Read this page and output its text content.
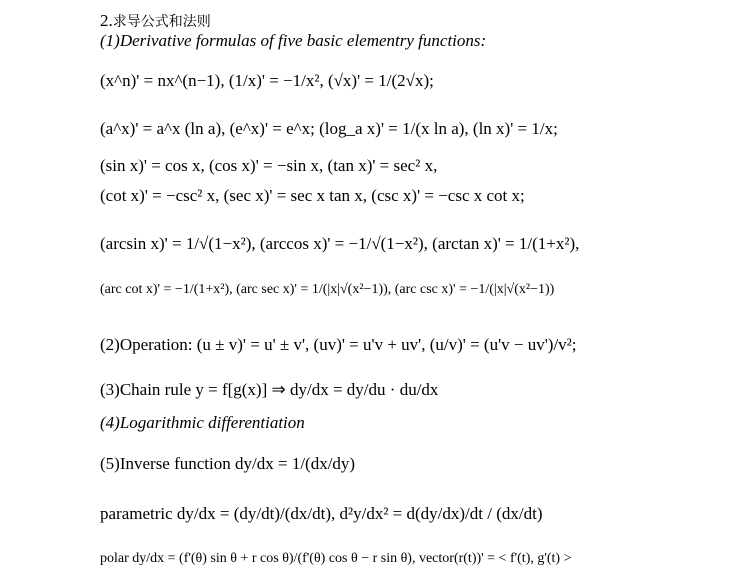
2.求导公式和法则
(1)Derivative formulas of five basic elementry functions:
(x^n)' = nx^(n−1), (1/x)' = −1/x², (√x)' = 1/(2√x);
(a^x)' = a^x (ln a), (e^x)' = e^x; (log_a x)' = 1/(x ln a), (ln x)' = 1/x;
(sin x)' = cos x, (cos x)' = −sin x, (tan x)' = sec² x,
(cot x)' = −csc² x, (sec x)' = sec x tan x, (csc x)' = −csc x cot x;
(arcsin x)' = 1/√(1−x²), (arccos x)' = −1/√(1−x²), (arctan x)' = 1/(1+x²),
(arc cot x)' = −1/(1+x²), (arc sec x)' = 1/(|x|√(x²−1)), (arc csc x)' = −1/(|x|√(x²−1))
(2)Operation: (u ± v)' = u' ± v', (uv)' = u'v + uv', (u/v)' = (u'v − uv')/v²;
(3)Chain rule y = f[g(x)] ⇒ dy/dx = dy/du · du/dx
(4)Logarithmic differentiation
(5)Inverse function dy/dx = 1/(dx/dy)
parametric dy/dx = (dy/dt)/(dx/dt), d²y/dx² = d(dy/dx)/dt / (dx/dt)
polar dy/dx = (f'(θ) sin θ + r cos θ)/(f'(θ) cos θ − r sin θ), vector(r(t))' = < f'(t), g'(t) >
